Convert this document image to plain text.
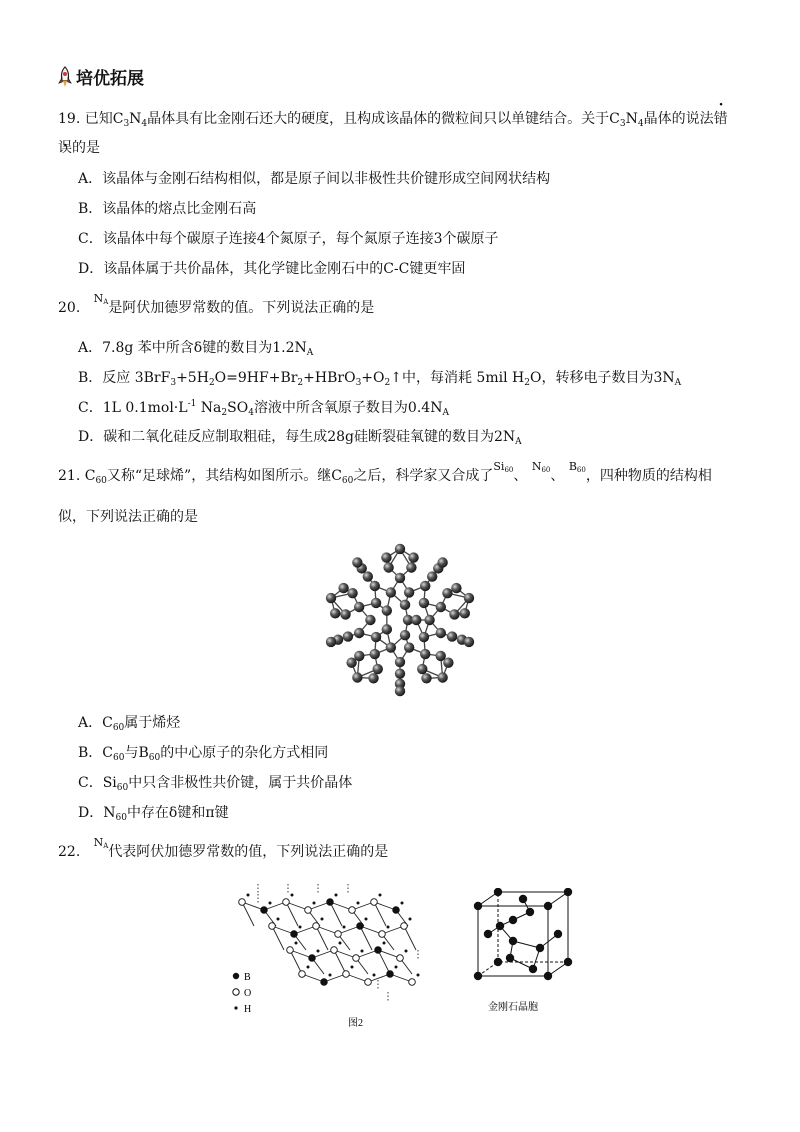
培优拓展
19. 已知$C_3N_4$晶体具有比金刚石还大的硬度，且构成该晶体的微粒间只以单键结合。关于$C_3N_4$晶体的说法错
误的是
A．该晶体与金刚石结构相似，都是原子间以非极性共价键形成空间网状结构
B．该晶体的熔点比金刚石高
C．该晶体中每个碳原子连接4个氮原子，每个氮原子连接3个碳原子
D．该晶体属于共价晶体，其化学键比金刚石中的C-C键更牢固
20.   $N_A$是阿伏加德罗常数的值。下列说法正确的是
A．7.8g 苯中所含δ键的数目为$1.2N_A$
B．反应 $3BrF_3+5H_2O=9HF+Br_2+HBrO_3+O_2↑$中，每消耗 5mil $H_2O$，转移电子数目为$3N_A$
C．1L $0.1mol\cdot L^{-1}$ $Na_2SO_4$溶液中所含氧原子数目为$0.4N_A$
D．碳和二氧化硅反应制取粗硅，每生成28g硅断裂硅氧键的数目为$2N_A$
21. $C_{60}$又称“足球烯”，其结构如图所示。继$C_{60}$之后，科学家又合成了$Si_{60}$、 $N_{60}$、 $B_{60}$，四种物质的结构相
似，下列说法正确的是
A．$C_{60}$属于烯烃
B．$C_{60}$与$B_{60}$的中心原子的杂化方式相同
C．$Si_{60}$中只含非极性共价键，属于共价晶体
D．$N_{60}$中存在δ键和π键
22.   $N_A$代表阿伏加德罗常数的值，下列说法正确的是
B
O
H
图2
金刚石晶胞
